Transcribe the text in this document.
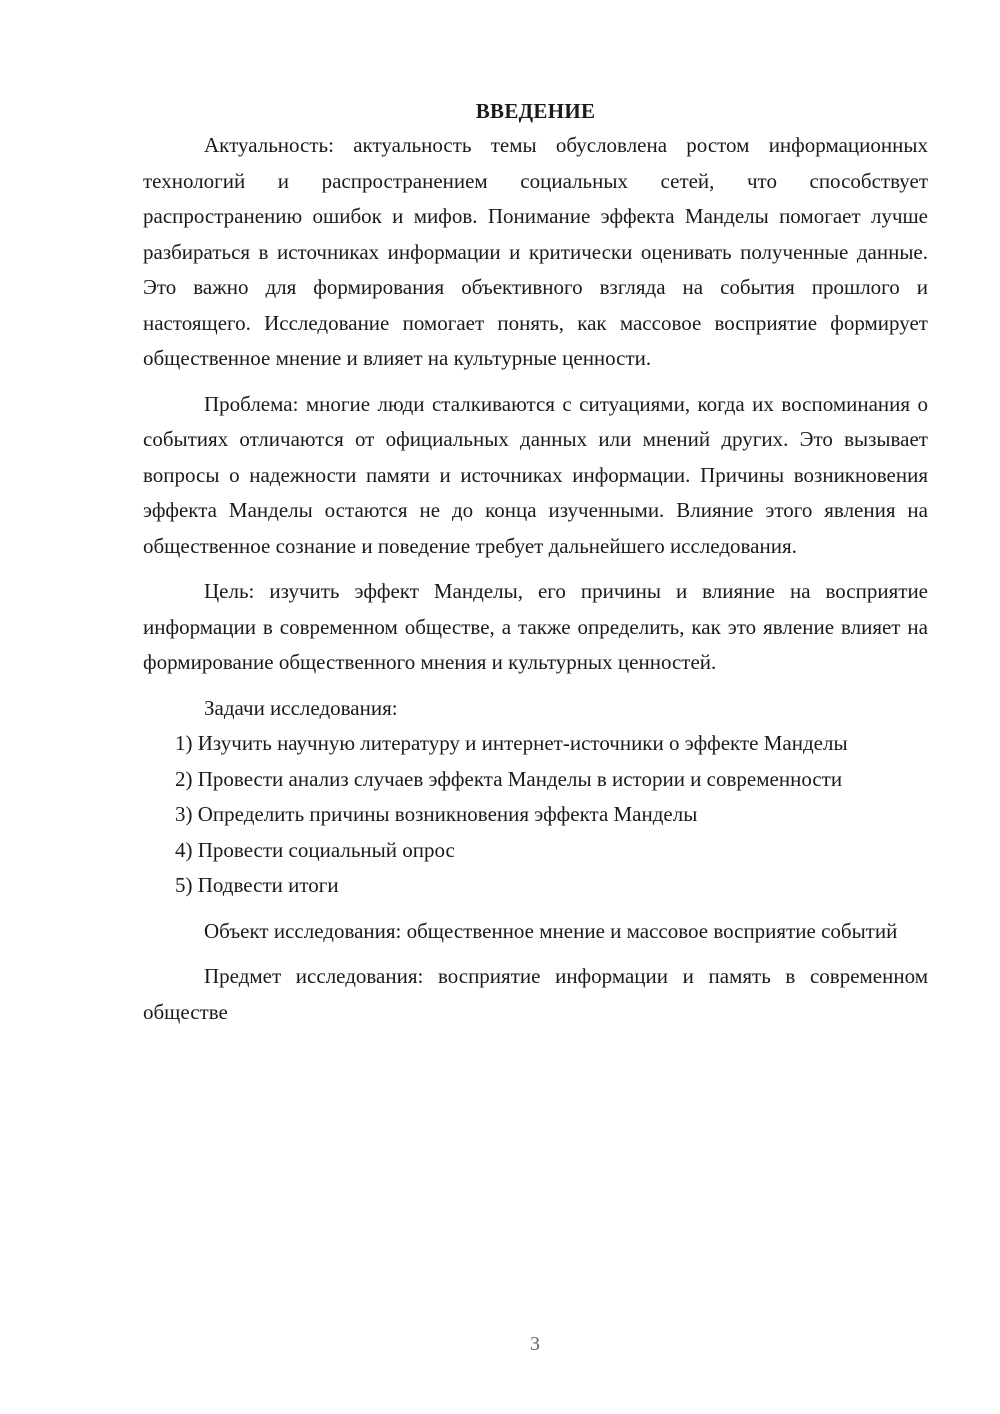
ВВЕДЕНИЕ

Актуальность: актуальность темы обусловлена ростом информационных технологий и распространением социальных сетей, что способствует распространению ошибок и мифов. Понимание эффекта Манделы помогает лучше разбираться в источниках информации и критически оценивать полученные данные. Это важно для формирования объективного взгляда на события прошлого и настоящего. Исследование помогает понять, как массовое восприятие формирует общественное мнение и влияет на культурные ценности.

Проблема: многие люди сталкиваются с ситуациями, когда их воспоминания о событиях отличаются от официальных данных или мнений других. Это вызывает вопросы о надежности памяти и источниках информации. Причины возникновения эффекта Манделы остаются не до конца изученными. Влияние этого явления на общественное сознание и поведение требует дальнейшего исследования.

Цель: изучить эффект Манделы, его причины и влияние на восприятие информации в современном обществе, а также определить, как это явление влияет на формирование общественного мнения и культурных ценностей.

Задачи исследования:

1) Изучить научную литературу и интернет-источники о эффекте Манделы

2) Провести анализ случаев эффекта Манделы в истории и современности

3) Определить причины возникновения эффекта Манделы

4) Провести социальный опрос

5) Подвести итоги

Объект исследования: общественное мнение и массовое восприятие событий

Предмет исследования: восприятие информации и память в современном обществе

3
